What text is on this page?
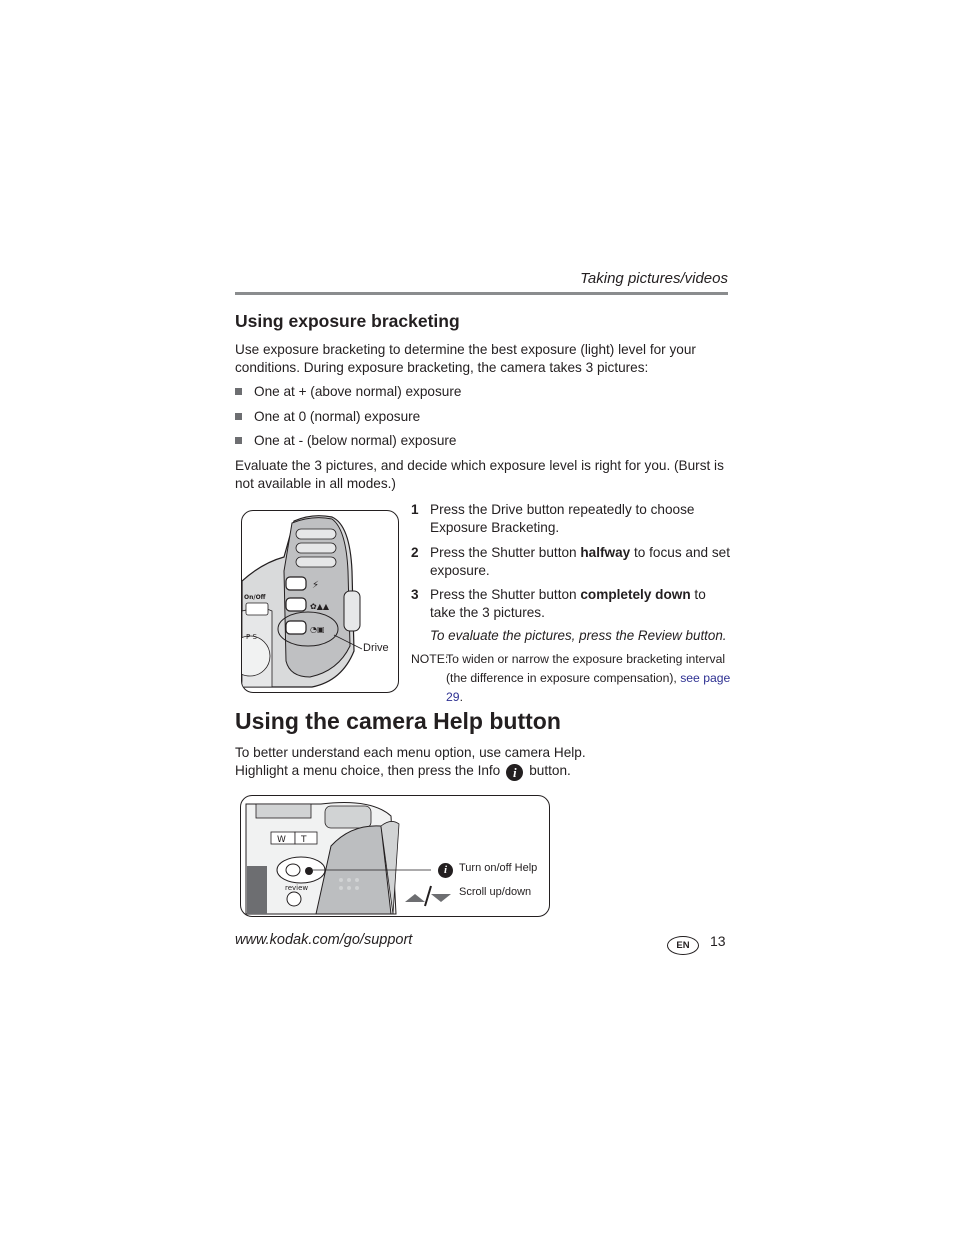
Taking pictures/videos
Using exposure bracketing
Use exposure bracketing to determine the best exposure (light) level for your conditions. During exposure bracketing, the camera takes 3 pictures:
One at + (above normal) exposure
One at 0 (normal) exposure
One at - (below normal) exposure
Evaluate the 3 pictures, and decide which exposure level is right for you. (Burst is not available in all modes.)
⚡
✿▲▲
◔▣
On/Off
P S
Drive
1 Press the Drive button repeatedly to choose Exposure Bracketing.
2 Press the Shutter button halfway to focus and set exposure.
3 Press the Shutter button completely down to take the 3 pictures.
To evaluate the pictures, press the Review button.
NOTE:
To widen or narrow the exposure bracketing interval (the difference in exposure compensation), see page 29.
Using the camera Help button
To better understand each menu option, use camera Help.
Highlight a menu choice, then press the Info i button.
W T
review
i	Turn on/off Help
Scroll up/down
www.kodak.com/go/support	EN	13
